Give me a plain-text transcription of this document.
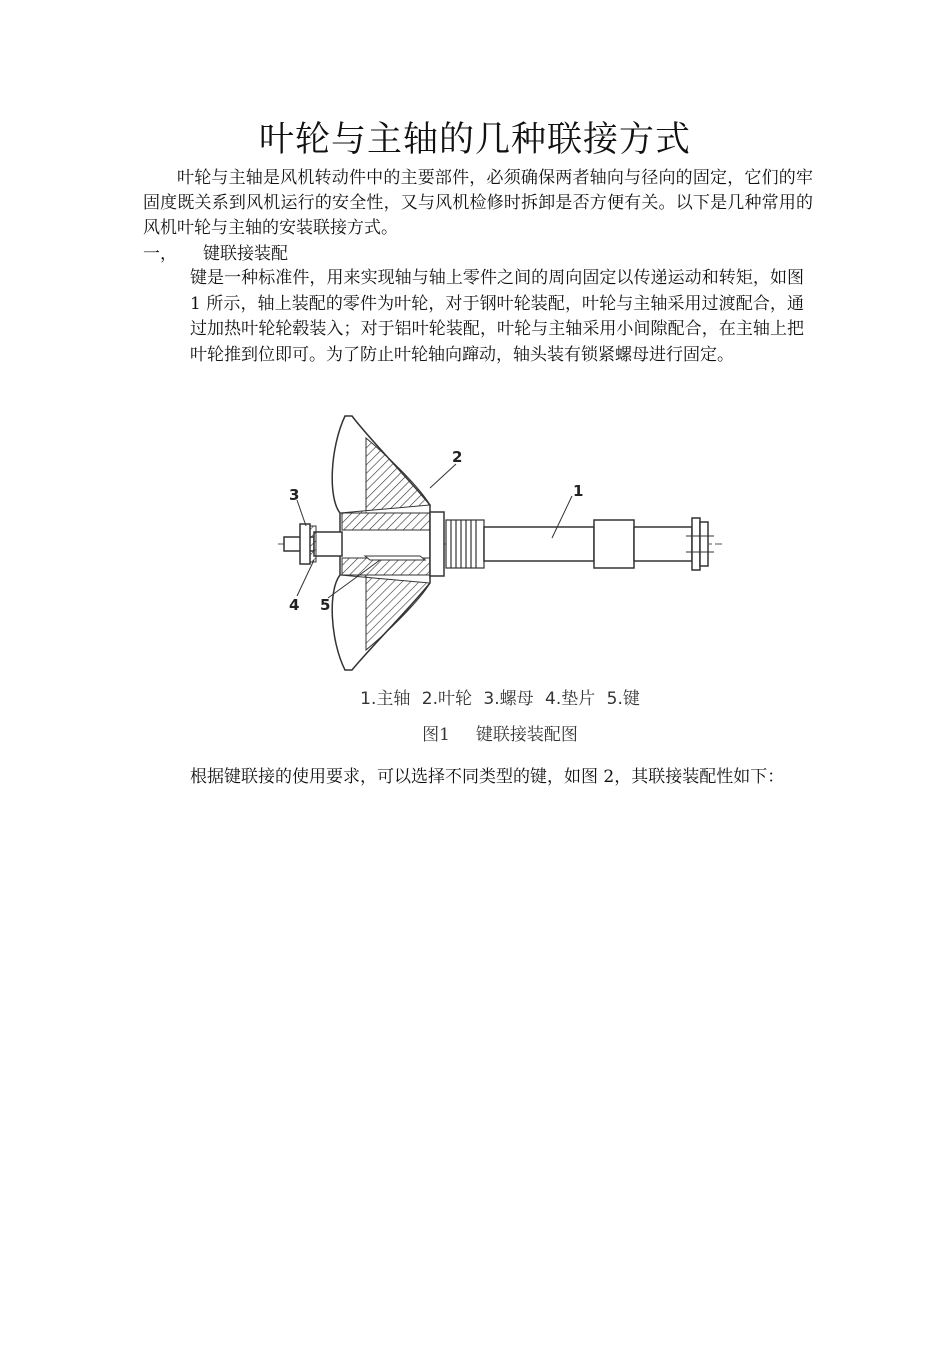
叶轮与主轴的几种联接方式

叶轮与主轴是风机转动件中的主要部件，必须确保两者轴向与径向的固定，它们的牢固度既关系到风机运行的安全性，又与风机检修时拆卸是否方便有关。以下是几种常用的风机叶轮与主轴的安装联接方式。

一， 键联接装配

键是一种标准件，用来实现轴与轴上零件之间的周向固定以传递运动和转矩，如图 1 所示，轴上装配的零件为叶轮，对于钢叶轮装配，叶轮与主轴采用过渡配合，通过加热叶轮轮毂装入；对于铝叶轮装配，叶轮与主轴采用小间隙配合，在主轴上把叶轮推到位即可。为了防止叶轮轴向蹿动，轴头装有锁紧螺母进行固定。

2
1
3
4 5
1.主轴 2.叶轮 3.螺母 4.垫片 5.键
图1 键联接装配图

根据键联接的使用要求，可以选择不同类型的键，如图 2，其联接装配性如下：
